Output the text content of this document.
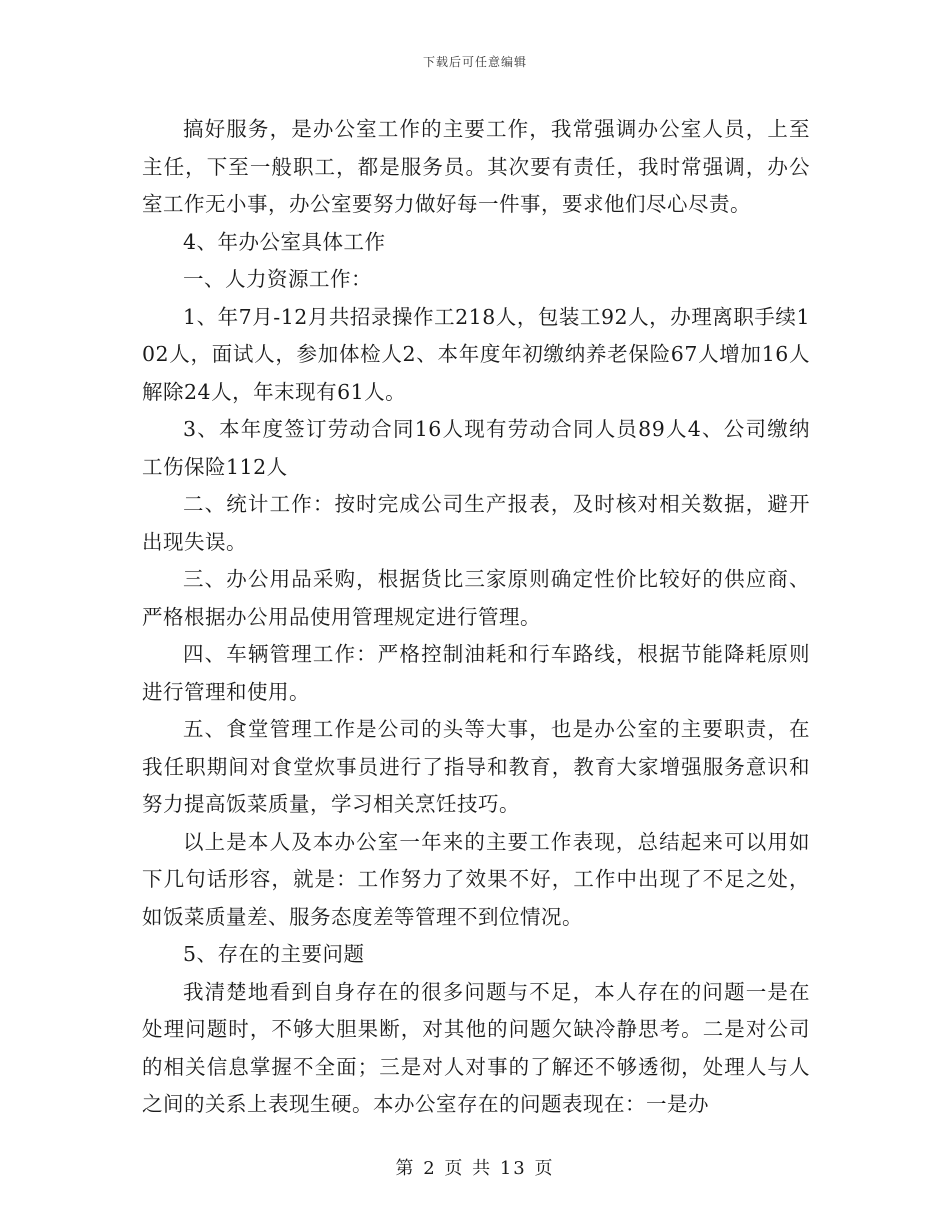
下载后可任意编辑

搞好服务，是办公室工作的主要工作，我常强调办公室人员，上至主任，下至一般职工，都是服务员。其次要有责任，我时常强调，办公室工作无小事，办公室要努力做好每一件事，要求他们尽心尽责。

4、年办公室具体工作

一、人力资源工作：

1、年7月-12月共招录操作工218人，包装工92人，办理离职手续102人，面试人，参加体检人2、本年度年初缴纳养老保险67人增加16人解除24人，年末现有61人。

3、本年度签订劳动合同16人现有劳动合同人员89人4、公司缴纳工伤保险112人

二、统计工作：按时完成公司生产报表，及时核对相关数据，避开出现失误。

三、办公用品采购，根据货比三家原则确定性价比较好的供应商、严格根据办公用品使用管理规定进行管理。

四、车辆管理工作：严格控制油耗和行车路线，根据节能降耗原则进行管理和使用。

五、食堂管理工作是公司的头等大事，也是办公室的主要职责，在我任职期间对食堂炊事员进行了指导和教育，教育大家增强服务意识和努力提高饭菜质量，学习相关烹饪技巧。

以上是本人及本办公室一年来的主要工作表现，总结起来可以用如下几句话形容，就是：工作努力了效果不好，工作中出现了不足之处，如饭菜质量差、服务态度差等管理不到位情况。

5、存在的主要问题

我清楚地看到自身存在的很多问题与不足，本人存在的问题一是在处理问题时，不够大胆果断，对其他的问题欠缺冷静思考。二是对公司的相关信息掌握不全面；三是对人对事的了解还不够透彻，处理人与人之间的关系上表现生硬。本办公室存在的问题表现在：一是办

第 2 页 共 13 页
